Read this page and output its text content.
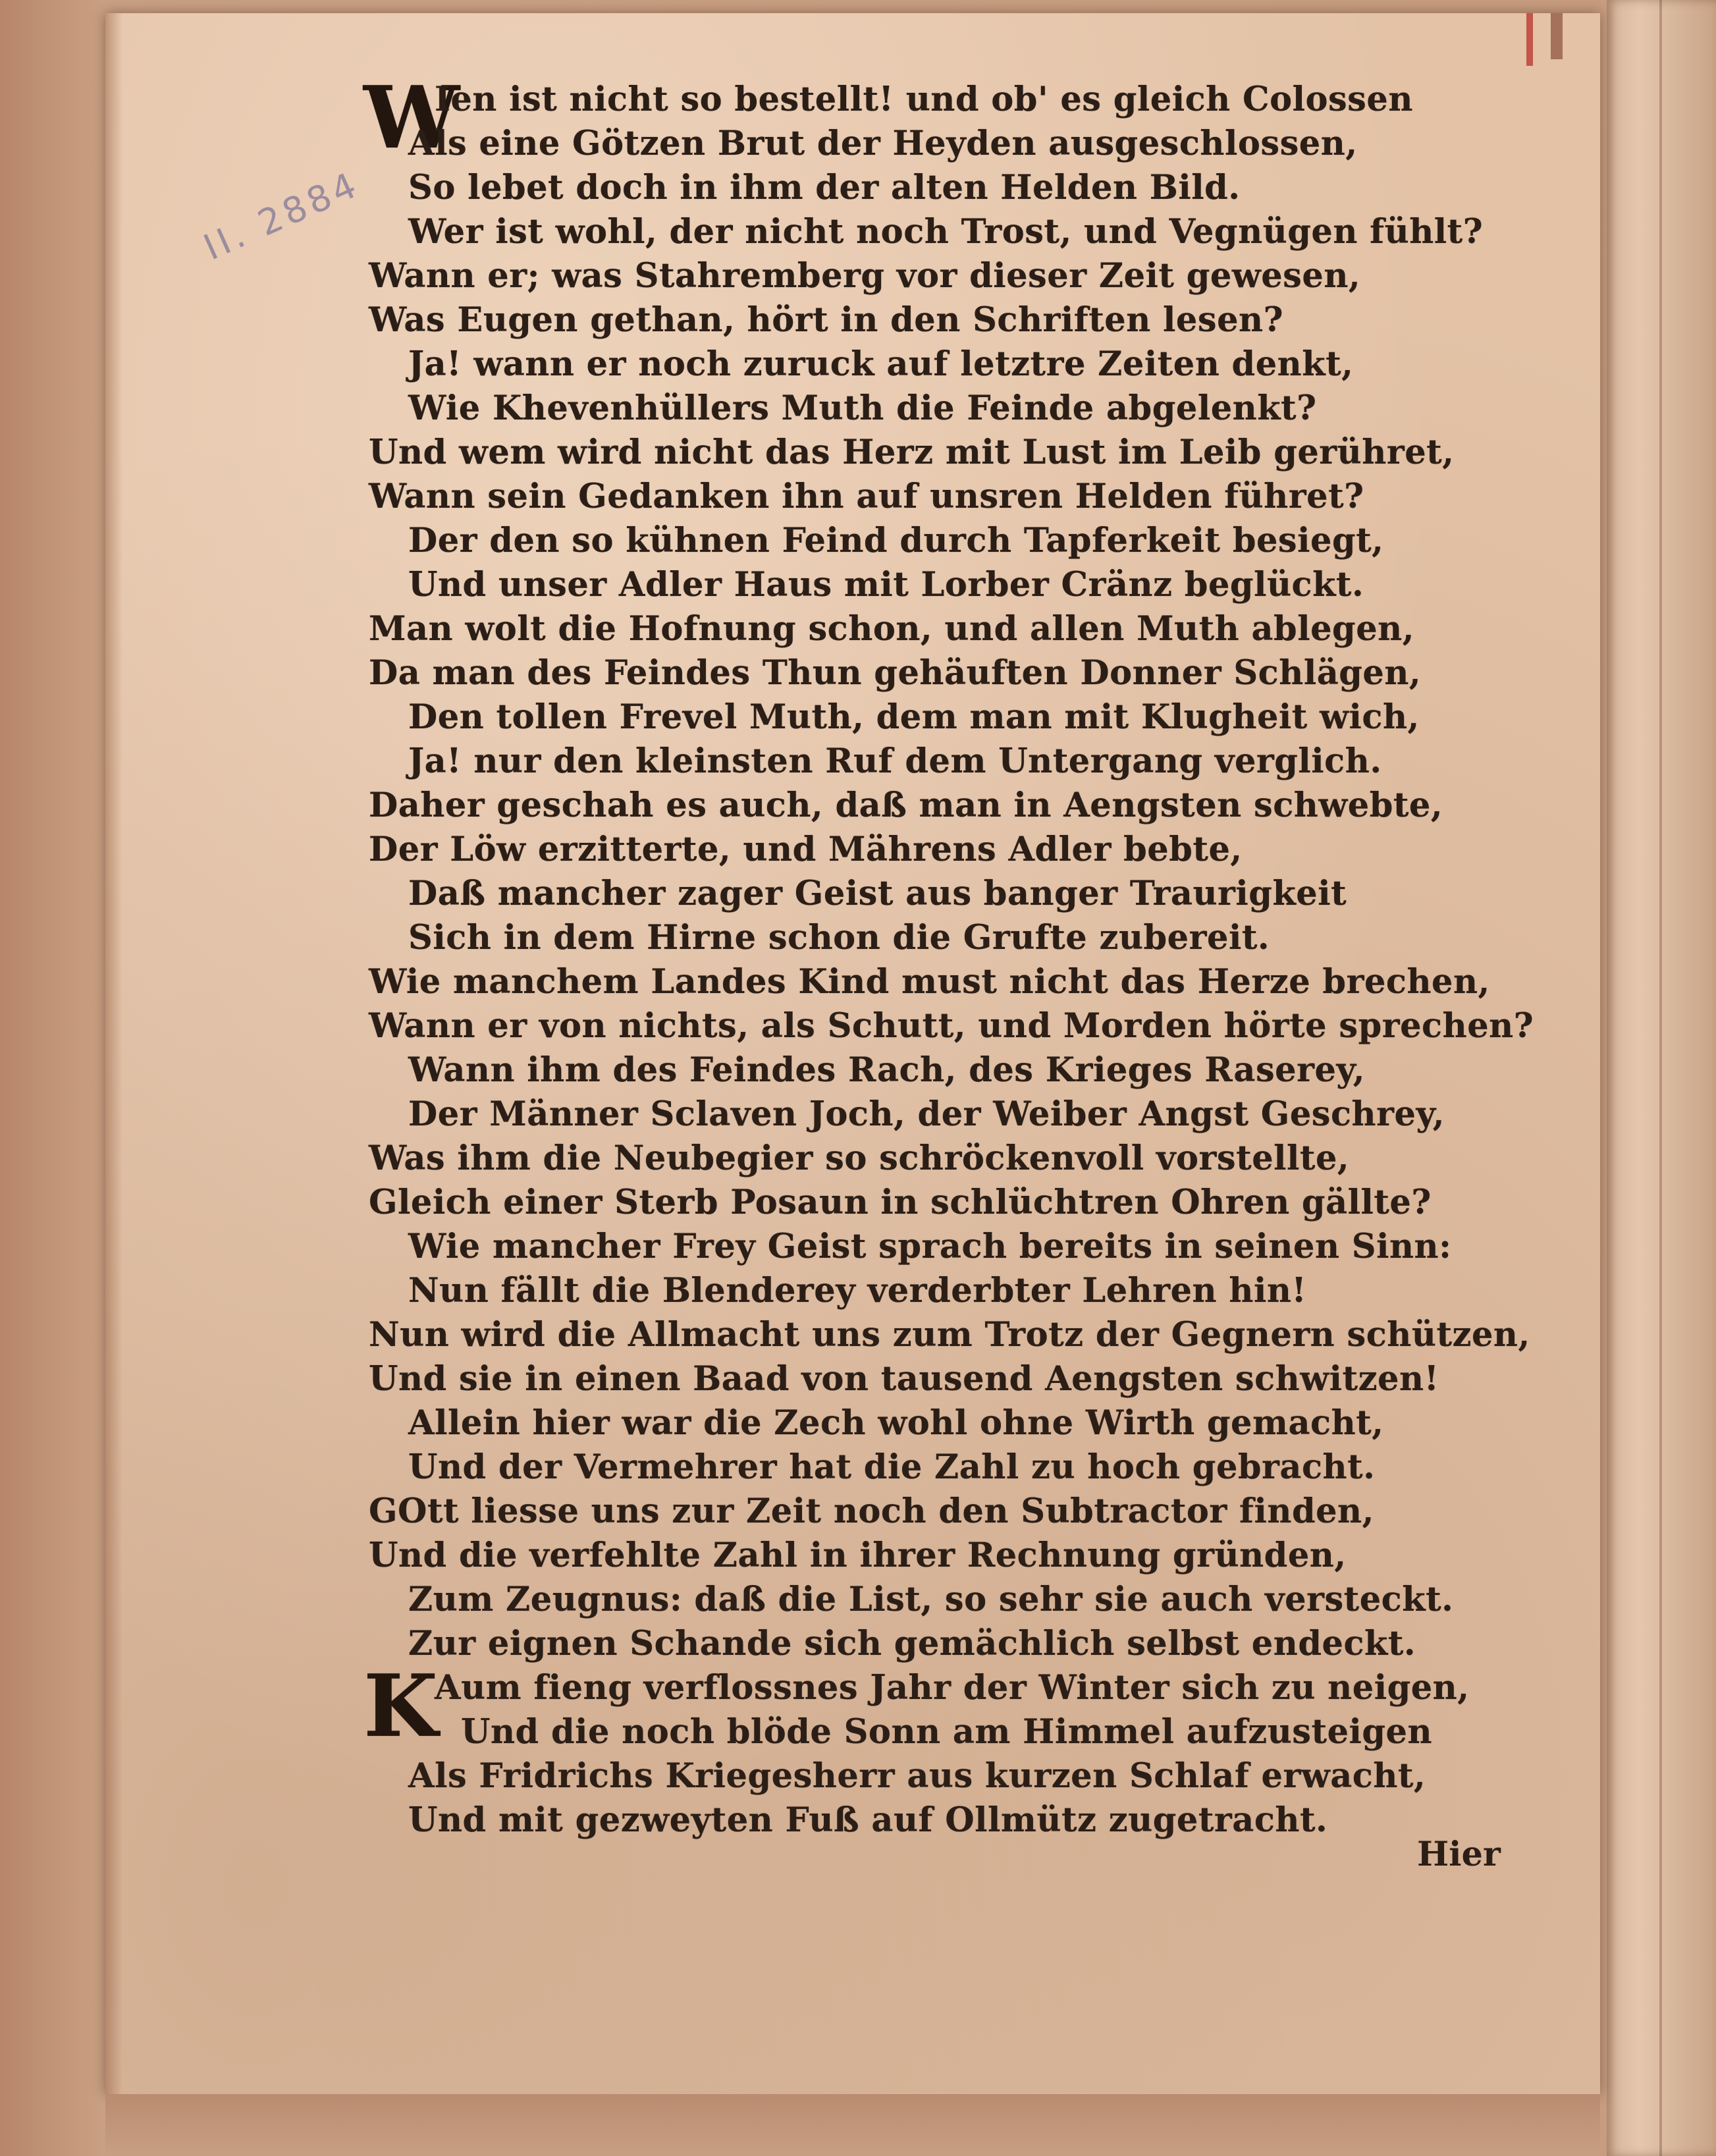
II. 2884
W
Ien ist nicht so bestellt! und ob' es gleich Colossen
Als eine Götzen Brut der Heyden ausgeschlossen,
So lebet doch in ihm der alten Helden Bild.
Wer ist wohl, der nicht noch Trost, und Vegnügen fühlt?
Wann er; was Stahremberg vor dieser Zeit gewesen,
Was Eugen gethan, hört in den Schriften lesen?
Ja! wann er noch zuruck auf letztre Zeiten denkt,
Wie Khevenhüllers Muth die Feinde abgelenkt?
Und wem wird nicht das Herz mit Lust im Leib gerühret,
Wann sein Gedanken ihn auf unsren Helden führet?
Der den so kühnen Feind durch Tapferkeit besiegt,
Und unser Adler Haus mit Lorber Cränz beglückt.
Man wolt die Hofnung schon, und allen Muth ablegen,
Da man des Feindes Thun gehäuften Donner Schlägen,
Den tollen Frevel Muth, dem man mit Klugheit wich,
Ja! nur den kleinsten Ruf dem Untergang verglich.
Daher geschah es auch, daß man in Aengsten schwebte,
Der Löw erzitterte, und Mährens Adler bebte,
Daß mancher zager Geist aus banger Traurigkeit
Sich in dem Hirne schon die Grufte zubereit.
Wie manchem Landes Kind must nicht das Herze brechen,
Wann er von nichts, als Schutt, und Morden hörte sprechen?
Wann ihm des Feindes Rach, des Krieges Raserey,
Der Männer Sclaven Joch, der Weiber Angst Geschrey,
Was ihm die Neubegier so schröckenvoll vorstellte,
Gleich einer Sterb Posaun in schlüchtren Ohren gällte?
Wie mancher Frey Geist sprach bereits in seinen Sinn:
Nun fällt die Blenderey verderbter Lehren hin!
Nun wird die Allmacht uns zum Trotz der Gegnern schützen,
Und sie in einen Baad von tausend Aengsten schwitzen!
Allein hier war die Zech wohl ohne Wirth gemacht,
Und der Vermehrer hat die Zahl zu hoch gebracht.
GOtt liesse uns zur Zeit noch den Subtractor finden,
Und die verfehlte Zahl in ihrer Rechnung gründen,
Zum Zeugnus: daß die List, so sehr sie auch versteckt.
Zur eignen Schande sich gemächlich selbst endeckt.
K
Aum fieng verflossnes Jahr der Winter sich zu neigen,
Und die noch blöde Sonn am Himmel aufzusteigen
Als Fridrichs Kriegesherr aus kurzen Schlaf erwacht,
Und mit gezweyten Fuß auf Ollmütz zugetracht.
Hier
